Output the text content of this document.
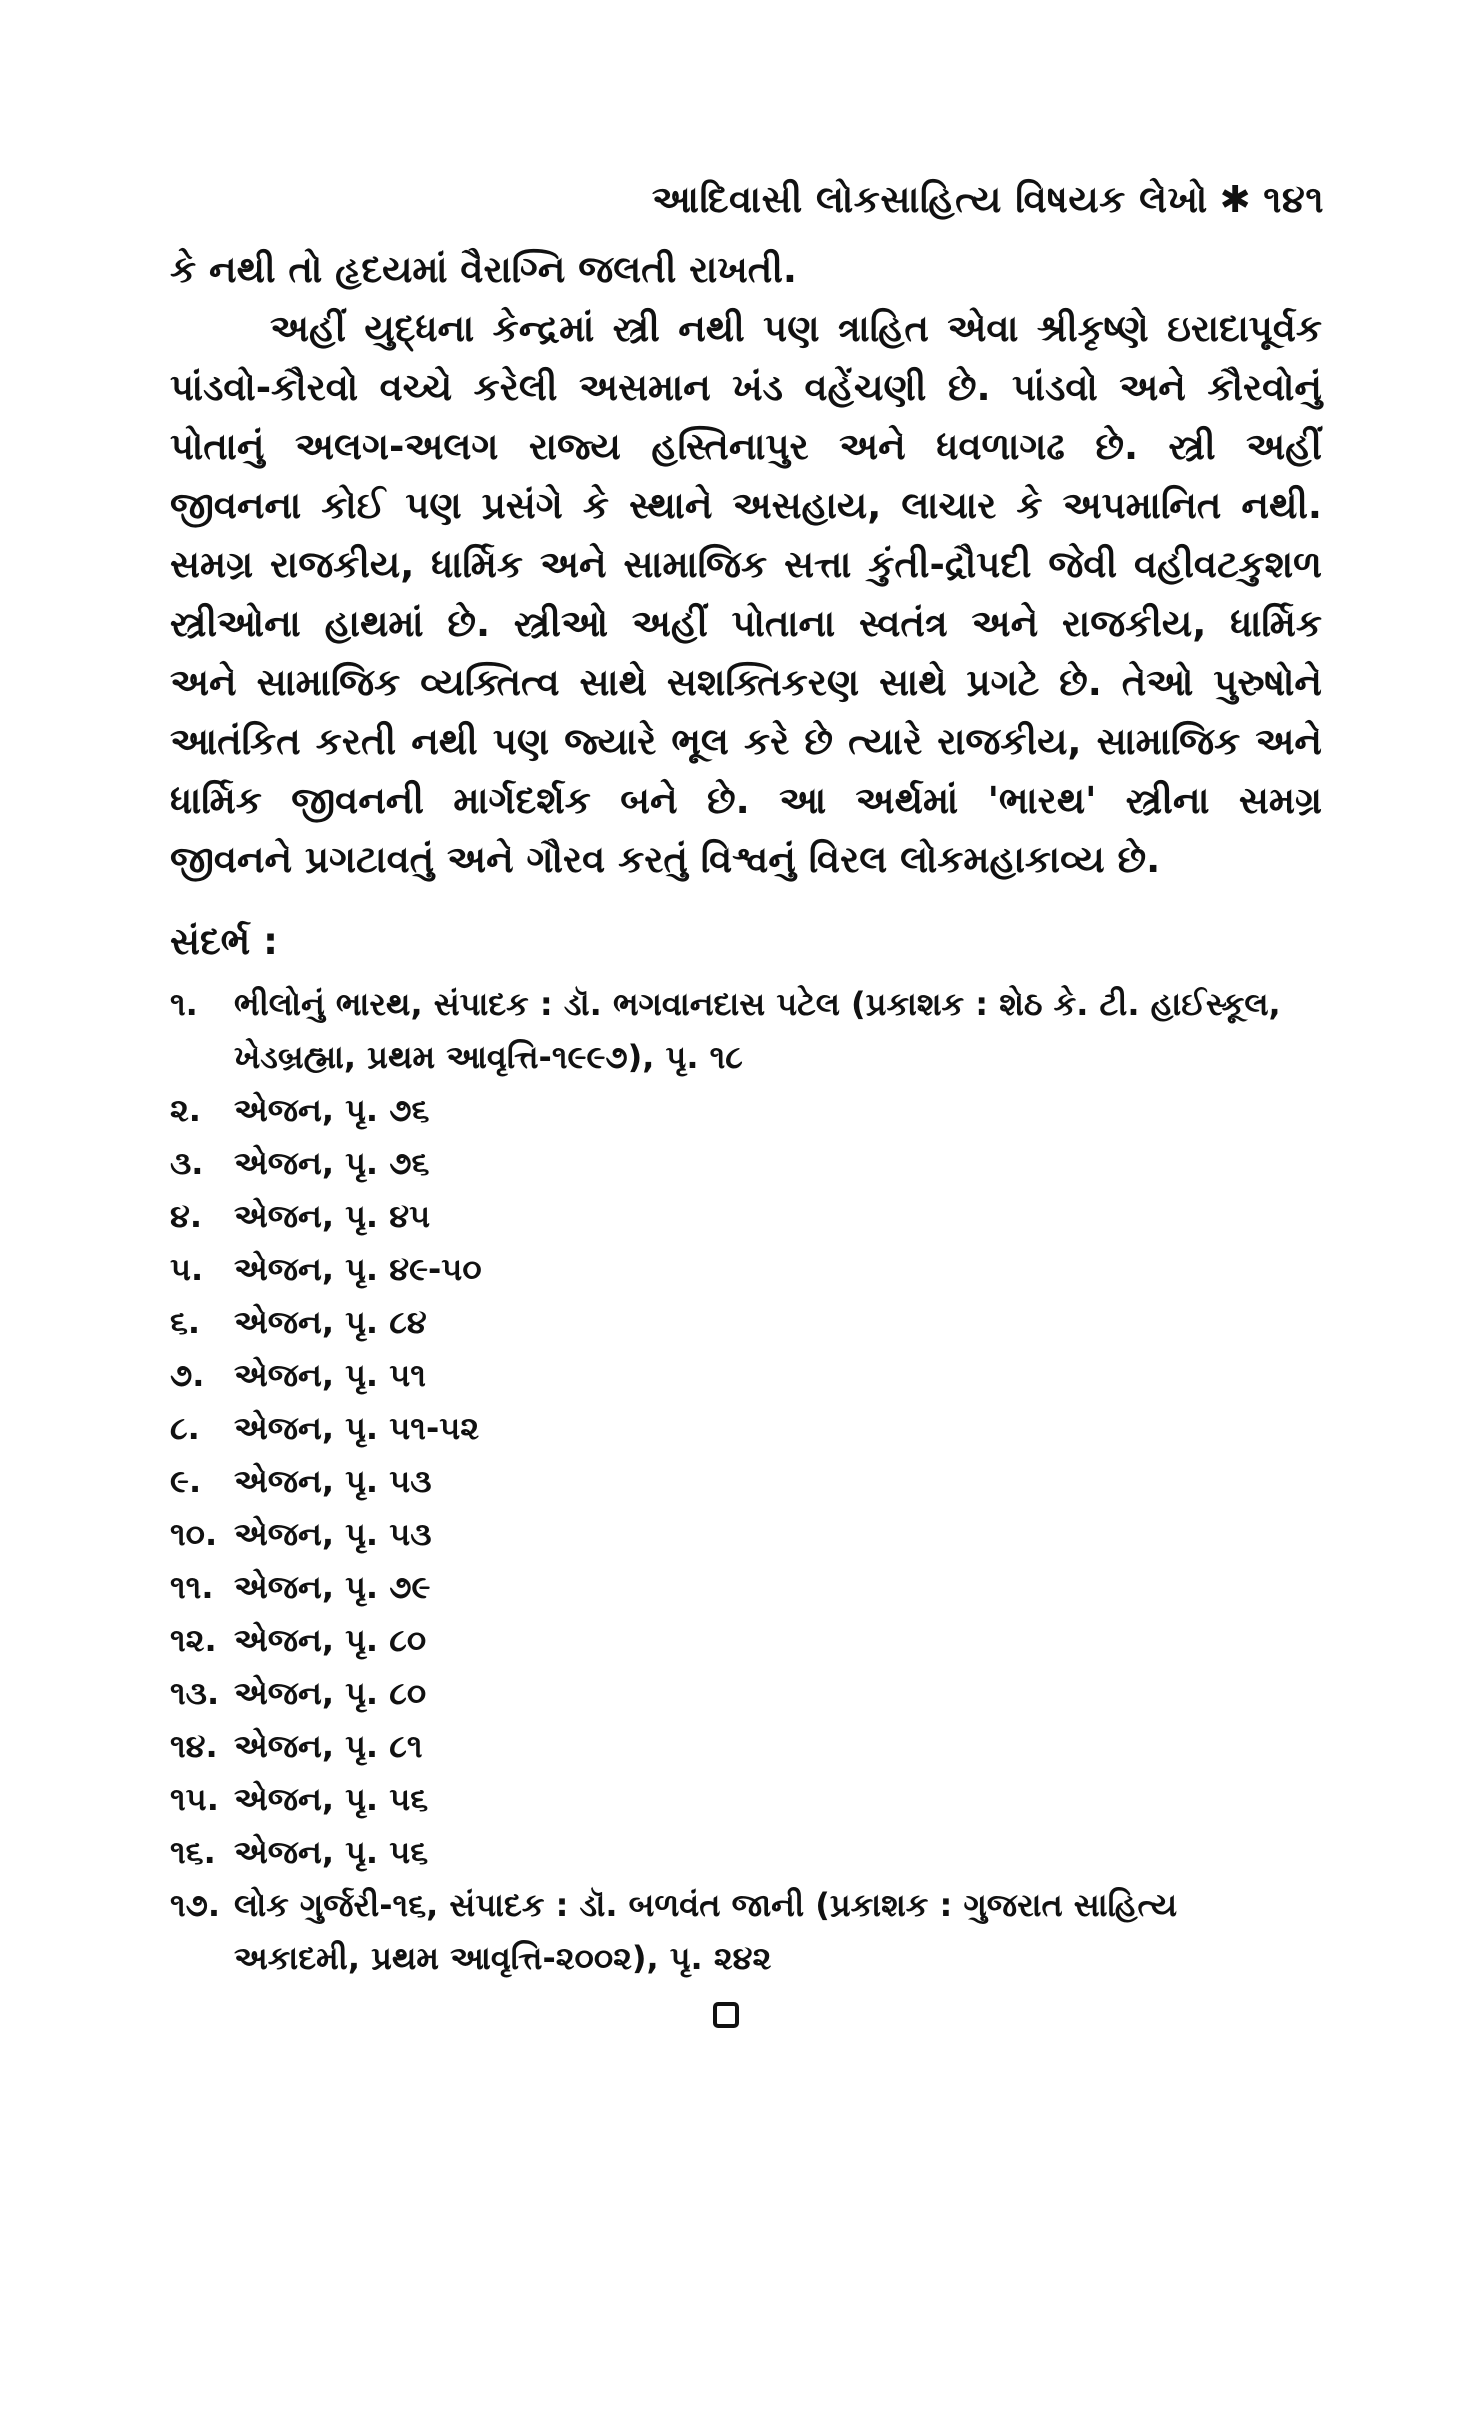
આદિવાસી લોકસાહિત્ય વિષયક લેખો ✱ ૧૪૧
કે નથી તો હૃદયમાં વૈરાગ્નિ જલતી રાખતી.
અહીં યુદ્ધના કેન્દ્રમાં સ્ત્રી નથી પણ ત્રાહિત એવા શ્રીકૃષ્ણે ઇરાદાપૂર્વક
પાંડવો-કૌરવો વચ્ચે કરેલી અસમાન ખંડ વહેંચણી છે. પાંડવો અને કૌરવોનું
પોતાનું અલગ-અલગ રાજ્ય હસ્તિનાપુર અને ધવળાગઢ છે. સ્ત્રી અહીં
જીવનના કોઈ પણ પ્રસંગે કે સ્થાને અસહાય, લાચાર કે અપમાનિત નથી.
સમગ્ર રાજકીય, ધાર્મિક અને સામાજિક સત્તા કુંતી-દ્રૌપદી જેવી વહીવટકુશળ
સ્ત્રીઓના હાથમાં છે. સ્ત્રીઓ અહીં પોતાના સ્વતંત્ર અને રાજકીય, ધાર્મિક
અને સામાજિક વ્યક્તિત્વ સાથે સશક્તિકરણ સાથે પ્રગટે છે. તેઓ પુરુષોને
આતંકિત કરતી નથી પણ જ્યારે ભૂલ કરે છે ત્યારે રાજકીય, સામાજિક અને
ધાર્મિક જીવનની માર્ગદર્શક બને છે. આ અર્થમાં 'ભારથ' સ્ત્રીના સમગ્ર
જીવનને પ્રગટાવતું અને ગૌરવ કરતું વિશ્વનું વિરલ લોકમહાકાવ્ય છે.
સંદર્ભ :
૧.	ભીલોનું ભારથ, સંપાદક : ડૉ. ભગવાનદાસ પટેલ (પ્રકાશક : શેઠ કે. ટી. હાઈસ્કૂલ,
ખેડબ્રહ્મા, પ્રથમ આવૃત્તિ-૧૯૯૭), પૃ. ૧૮
૨.	એજન, પૃ. ૭૬
૩. એજન, પૃ. ૭૬
૪.	એજન, પૃ. ૪૫
૫. એજન, પૃ. ૪૯-૫૦
૬.	એજન, પૃ. ૮૪
૭. એજન, પૃ. ૫૧
૮.	એજન, પૃ. ૫૧-૫૨
૯.	એજન, પૃ. ૫૩
૧૦. એજન, પૃ. ૫૩
૧૧. એજન, પૃ. ૭૯
૧૨. એજન, પૃ. ૮૦
૧૩. એજન, પૃ. ૮૦
૧૪. એજન, પૃ. ૮૧
૧૫. એજન, પૃ. ૫૬
૧૬. એજન, પૃ. ૫૬
૧૭. લોક ગુર્જરી-૧૬, સંપાદક : ડૉ. બળવંત જાની (પ્રકાશક : ગુજરાત સાહિત્ય
અકાદમી, પ્રથમ આવૃત્તિ-૨૦૦૨), પૃ. ૨૪૨
